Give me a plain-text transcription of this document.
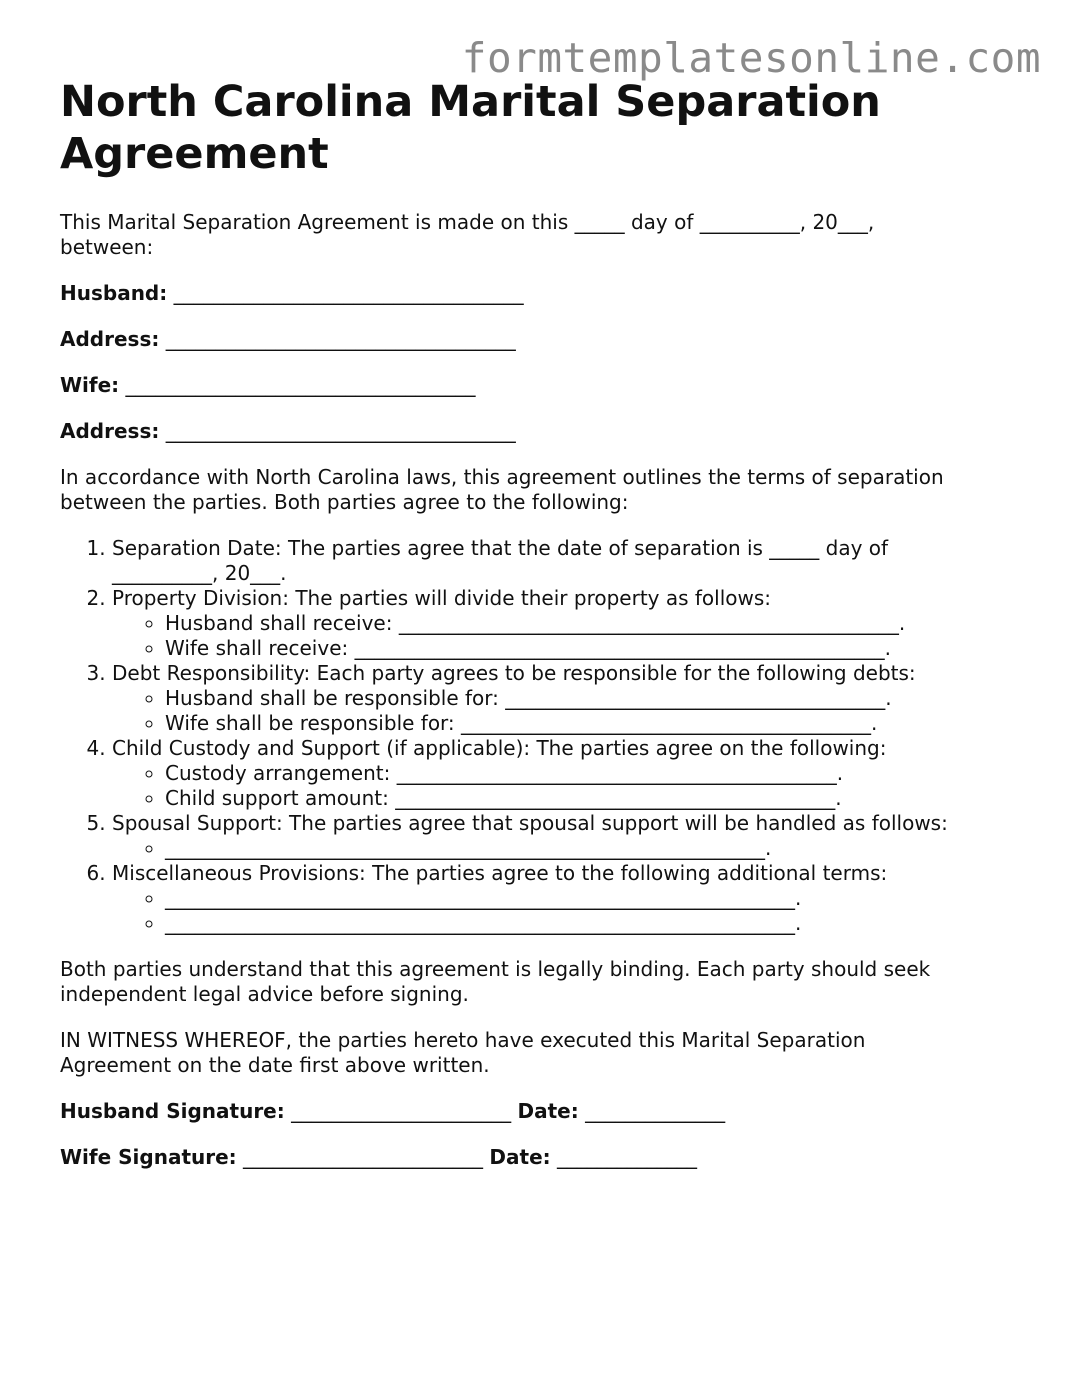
formtemplatesonline.com
North Carolina Marital Separation Agreement

This Marital Separation Agreement is made on this _____ day of __________, 20___,
between:

Husband: ___________________________________

Address: ___________________________________

Wife: ___________________________________

Address: ___________________________________

In accordance with North Carolina laws, this agreement outlines the terms of separation
between the parties. Both parties agree to the following:

1. Separation Date: The parties agree that the date of separation is _____ day of
__________, 20___.
2. Property Division: The parties will divide their property as follows:
◦ Husband shall receive: __________________________________________________.
◦ Wife shall receive: _____________________________________________________.
3. Debt Responsibility: Each party agrees to be responsible for the following debts:
◦ Husband shall be responsible for: ______________________________________.
◦ Wife shall be responsible for: _________________________________________.
4. Child Custody and Support (if applicable): The parties agree on the following:
◦ Custody arrangement: ____________________________________________.
◦ Child support amount: ____________________________________________.
5. Spousal Support: The parties agree that spousal support will be handled as follows:
◦ ____________________________________________________________.
6. Miscellaneous Provisions: The parties agree to the following additional terms:
◦ _______________________________________________________________.
◦ _______________________________________________________________.

Both parties understand that this agreement is legally binding. Each party should seek
independent legal advice before signing.

IN WITNESS WHEREOF, the parties hereto have executed this Marital Separation
Agreement on the date first above written.

Husband Signature: ______________________ Date: ______________

Wife Signature: ________________________ Date: ______________
